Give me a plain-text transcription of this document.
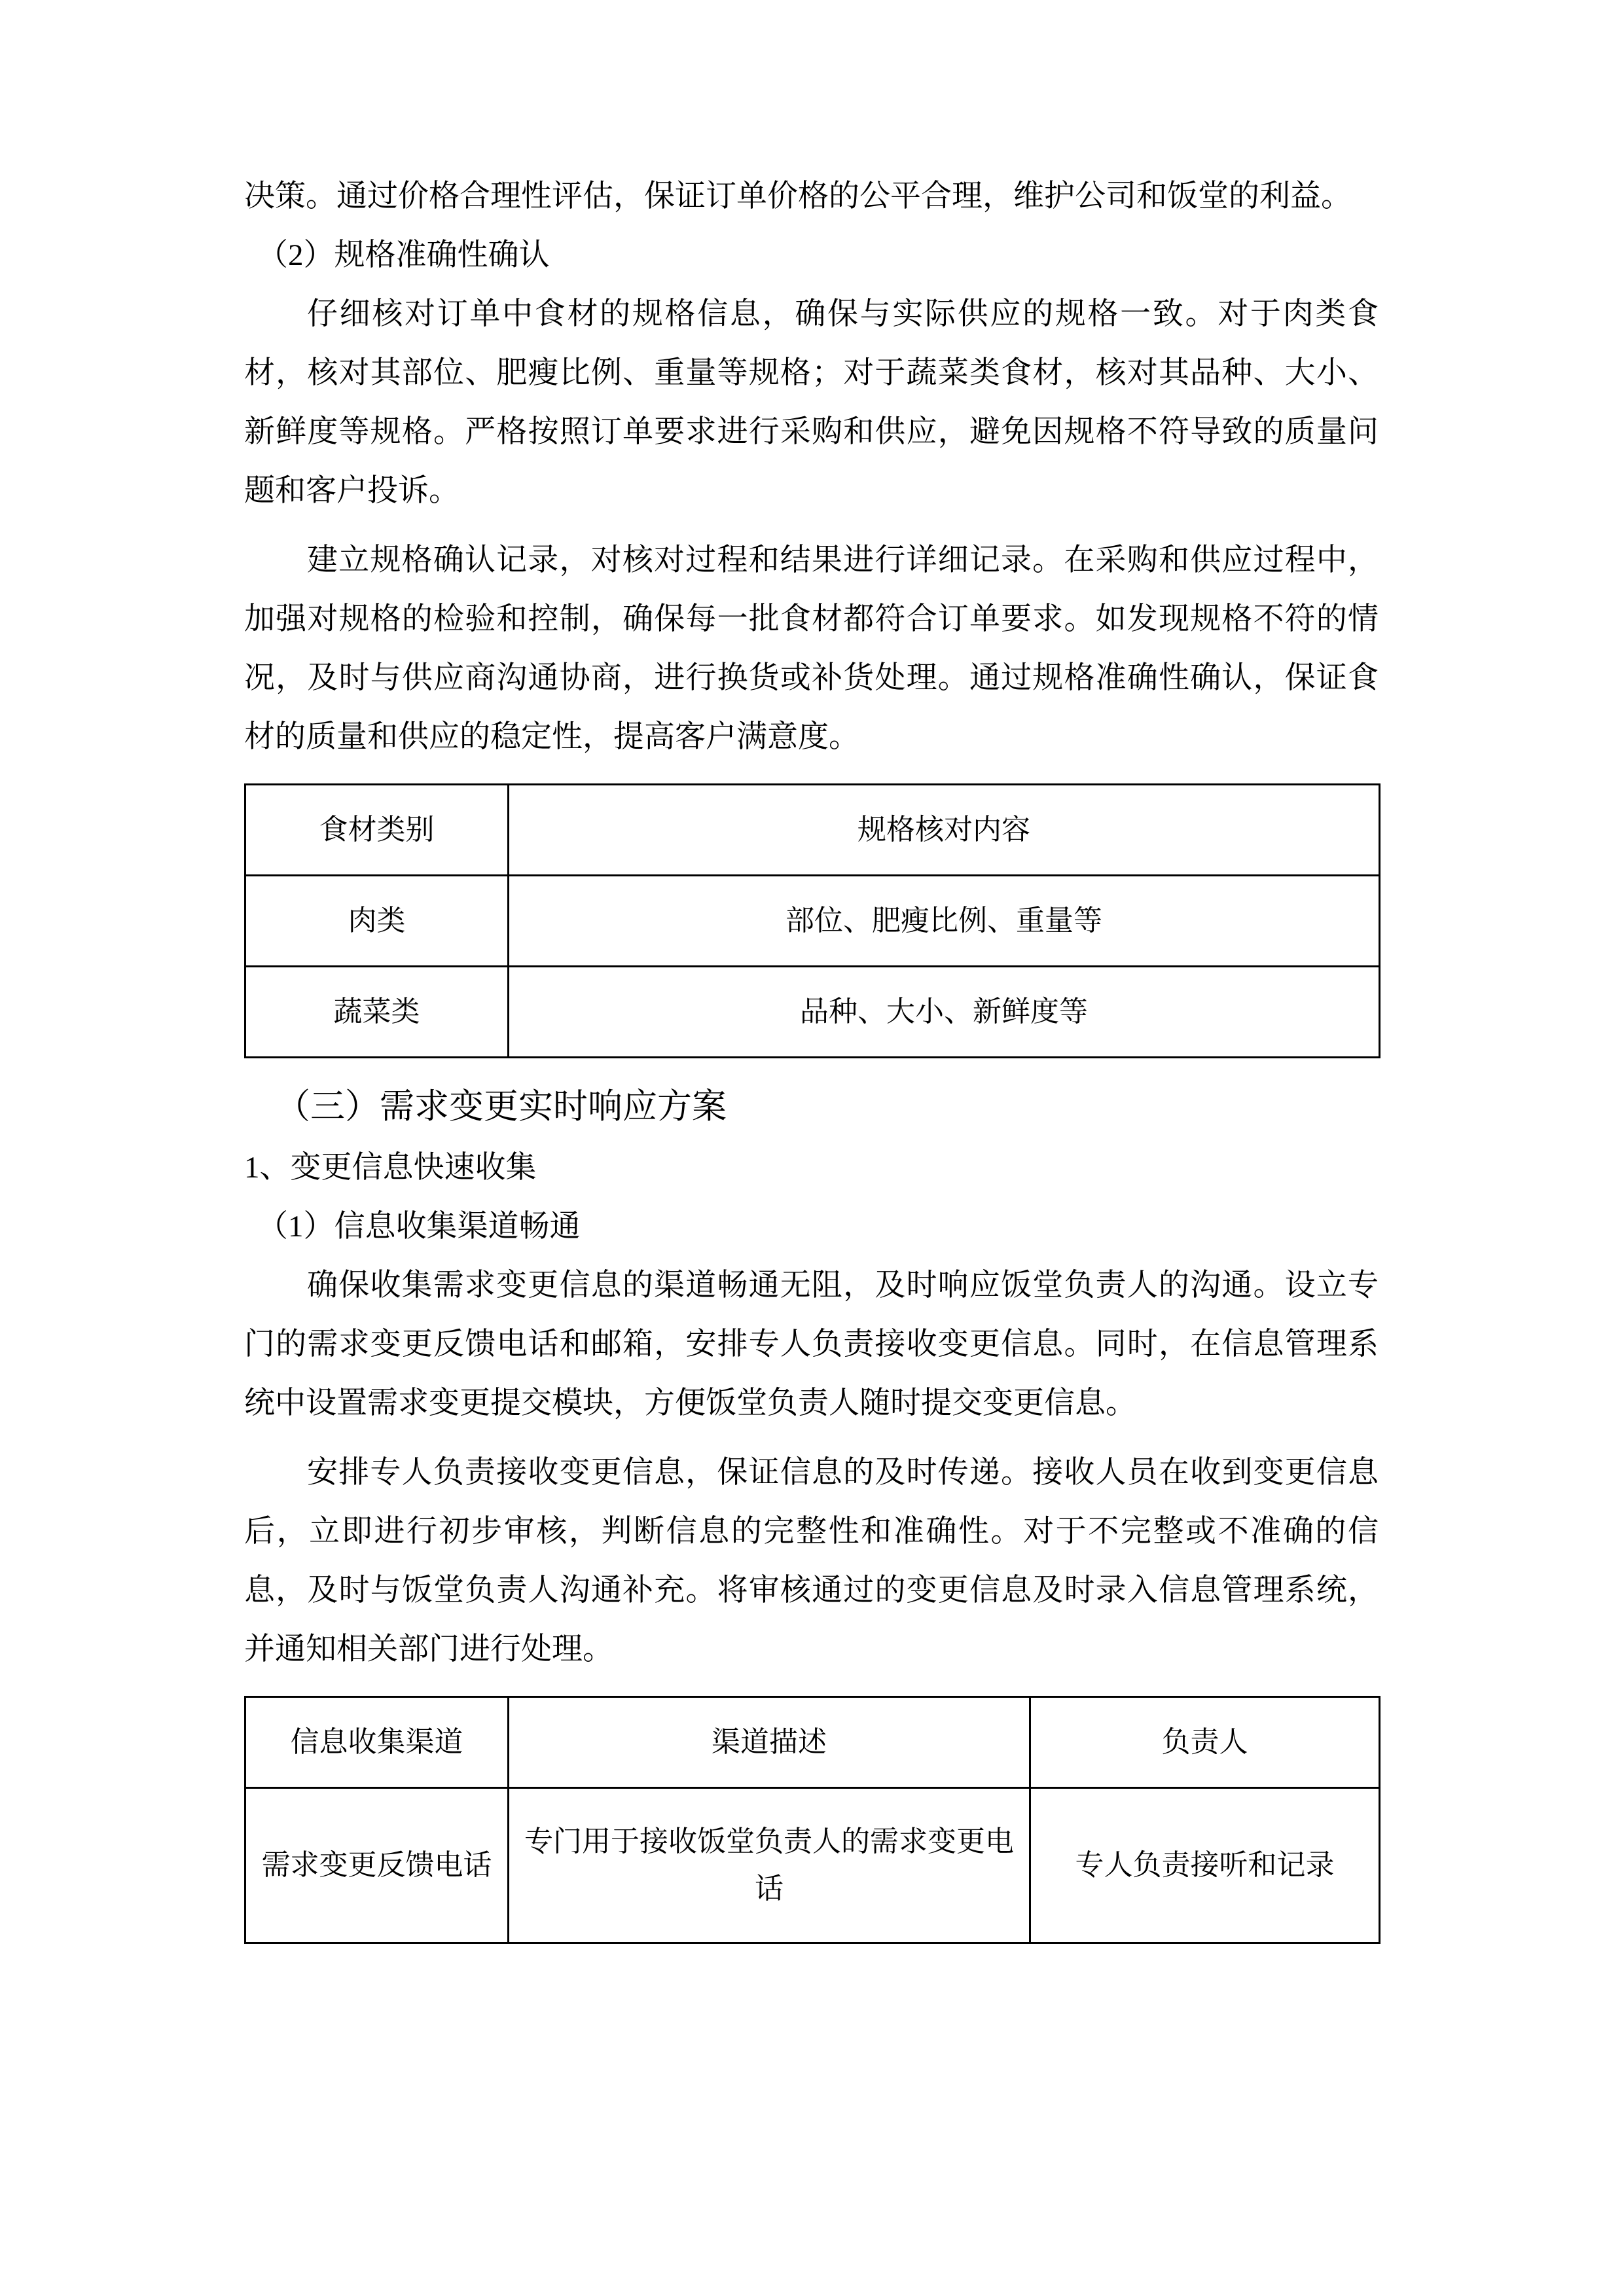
决策。通过价格合理性评估，保证订单价格的公平合理，维护公司和饭堂的利益。

（2）规格准确性确认

仔细核对订单中食材的规格信息，确保与实际供应的规格一致。对于肉类食材，核对其部位、肥瘦比例、重量等规格；对于蔬菜类食材，核对其品种、大小、新鲜度等规格。严格按照订单要求进行采购和供应，避免因规格不符导致的质量问题和客户投诉。

建立规格确认记录，对核对过程和结果进行详细记录。在采购和供应过程中，加强对规格的检验和控制，确保每一批食材都符合订单要求。如发现规格不符的情况，及时与供应商沟通协商，进行换货或补货处理。通过规格准确性确认，保证食材的质量和供应的稳定性，提高客户满意度。

食材类别	规格核对内容
肉类	部位、肥瘦比例、重量等
蔬菜类	品种、大小、新鲜度等

（三）需求变更实时响应方案

1、变更信息快速收集

（1）信息收集渠道畅通

确保收集需求变更信息的渠道畅通无阻，及时响应饭堂负责人的沟通。设立专门的需求变更反馈电话和邮箱，安排专人负责接收变更信息。同时，在信息管理系统中设置需求变更提交模块，方便饭堂负责人随时提交变更信息。

安排专人负责接收变更信息，保证信息的及时传递。接收人员在收到变更信息后，立即进行初步审核，判断信息的完整性和准确性。对于不完整或不准确的信息，及时与饭堂负责人沟通补充。将审核通过的变更信息及时录入信息管理系统，并通知相关部门进行处理。

信息收集渠道	渠道描述	负责人
需求变更反馈电话	专门用于接收饭堂负责人的需求变更电话	专人负责接听和记录
